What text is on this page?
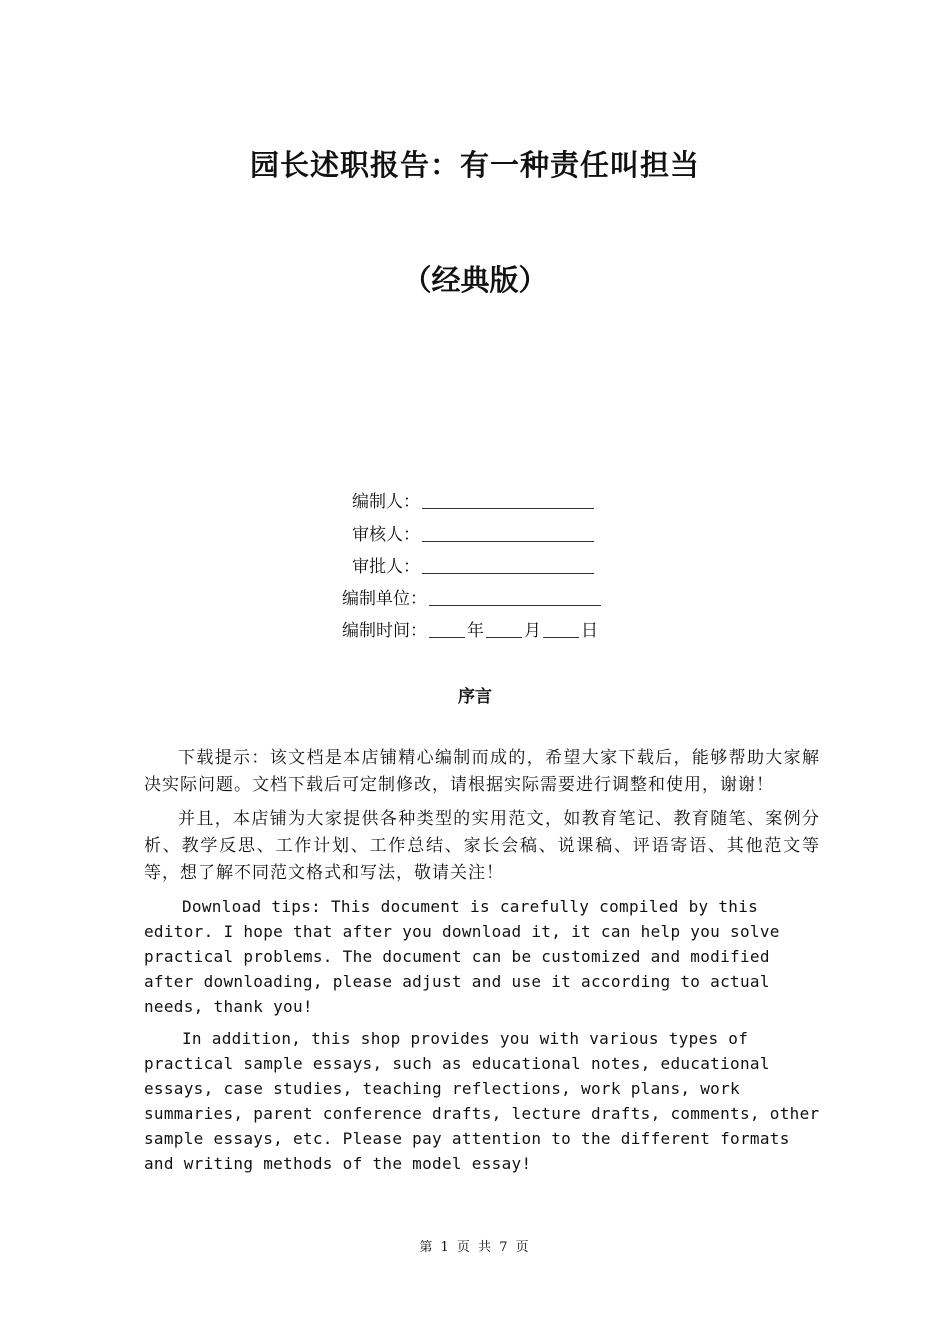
园长述职报告：有一种责任叫担当
（经典版）
编制人：
审核人：
审批人：
编制单位：
编制时间： 年 月 日
序言

下载提示：该文档是本店铺精心编制而成的，希望大家下载后，能够帮助大家解决实际问题。文档下载后可定制修改，请根据实际需要进行调整和使用，谢谢！

并且，本店铺为大家提供各种类型的实用范文，如教育笔记、教育随笔、案例分析、教学反思、工作计划、工作总结、家长会稿、说课稿、评语寄语、其他范文等等，想了解不同范文格式和写法，敬请关注！

Download tips: This document is carefully compiled by this editor. I hope that after you download it, it can help you solve practical problems. The document can be customized and modified after downloading, please adjust and use it according to actual needs, thank you!

In addition, this shop provides you with various types of practical sample essays, such as educational notes, educational essays, case studies, teaching reflections, work plans, work summaries, parent conference drafts, lecture drafts, comments, other sample essays, etc. Please pay attention to the different formats and writing methods of the model essay!

第 1 页 共 7 页
